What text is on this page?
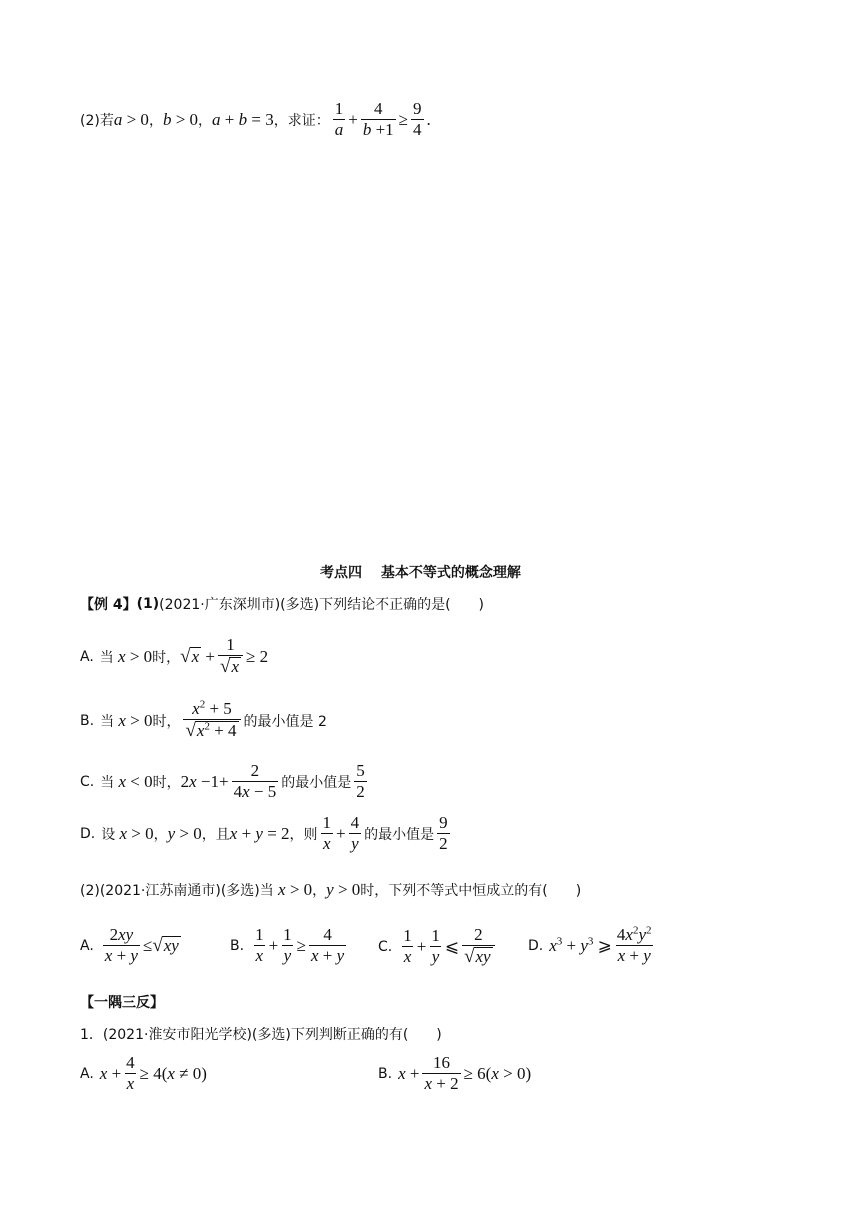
(2)若 a > 0 ， b > 0 ， a + b = 3 ，求证： $\frac{1}{a} + \frac{4}{b +1} \ge \frac{9}{4}$ .
考点四　 基本不等式的概念理解
【例 4】 (1) (2021·广东深圳市)(多选)下列结论不正确的是(　　)
A. 当 x > 0 时， √ $x + \frac{1}{√ x} \ge 2$
B. 当 x > 0 时， $\frac{x^2 + 5}{√ x^2 + 4}$ 的最小值是 2
C. 当 x < 0 时， $2x -1+ \frac{2}{4x - 5}$ 的最小值是 $\frac{5}{2}$
D. 设 x > 0 ， y > 0 ，且 x + y = 2 ，则 $\frac{1}{x} + \frac{4}{y}$ 的最小值是 $\frac{9}{2}$
(2)(2021·江苏南通市)(多选)当 x > 0 ， y > 0 时，下列不等式中恒成立的有(　　)
A. $\frac{2xy}{x + y}$ ≤ √ xy	B. $\frac{1}{x} + \frac{1}{y} \ge \frac{4}{x + y} C$. $\frac{1}{x} + \frac{1}{y}$ ⩽ $\frac{2}{√ xy} D$. $x^3 + y^3$ ⩾ $\frac{4x^2y^2}{x + y}$
【一隅三反】
1．(2021·淮安市阳光学校)(多选)下列判断正确的有(　　)
A. $x + \frac{4}{x} \ge 4(x \ne 0)$	B. $x + \frac{16}{x + 2} \ge 6(x > 0)$
